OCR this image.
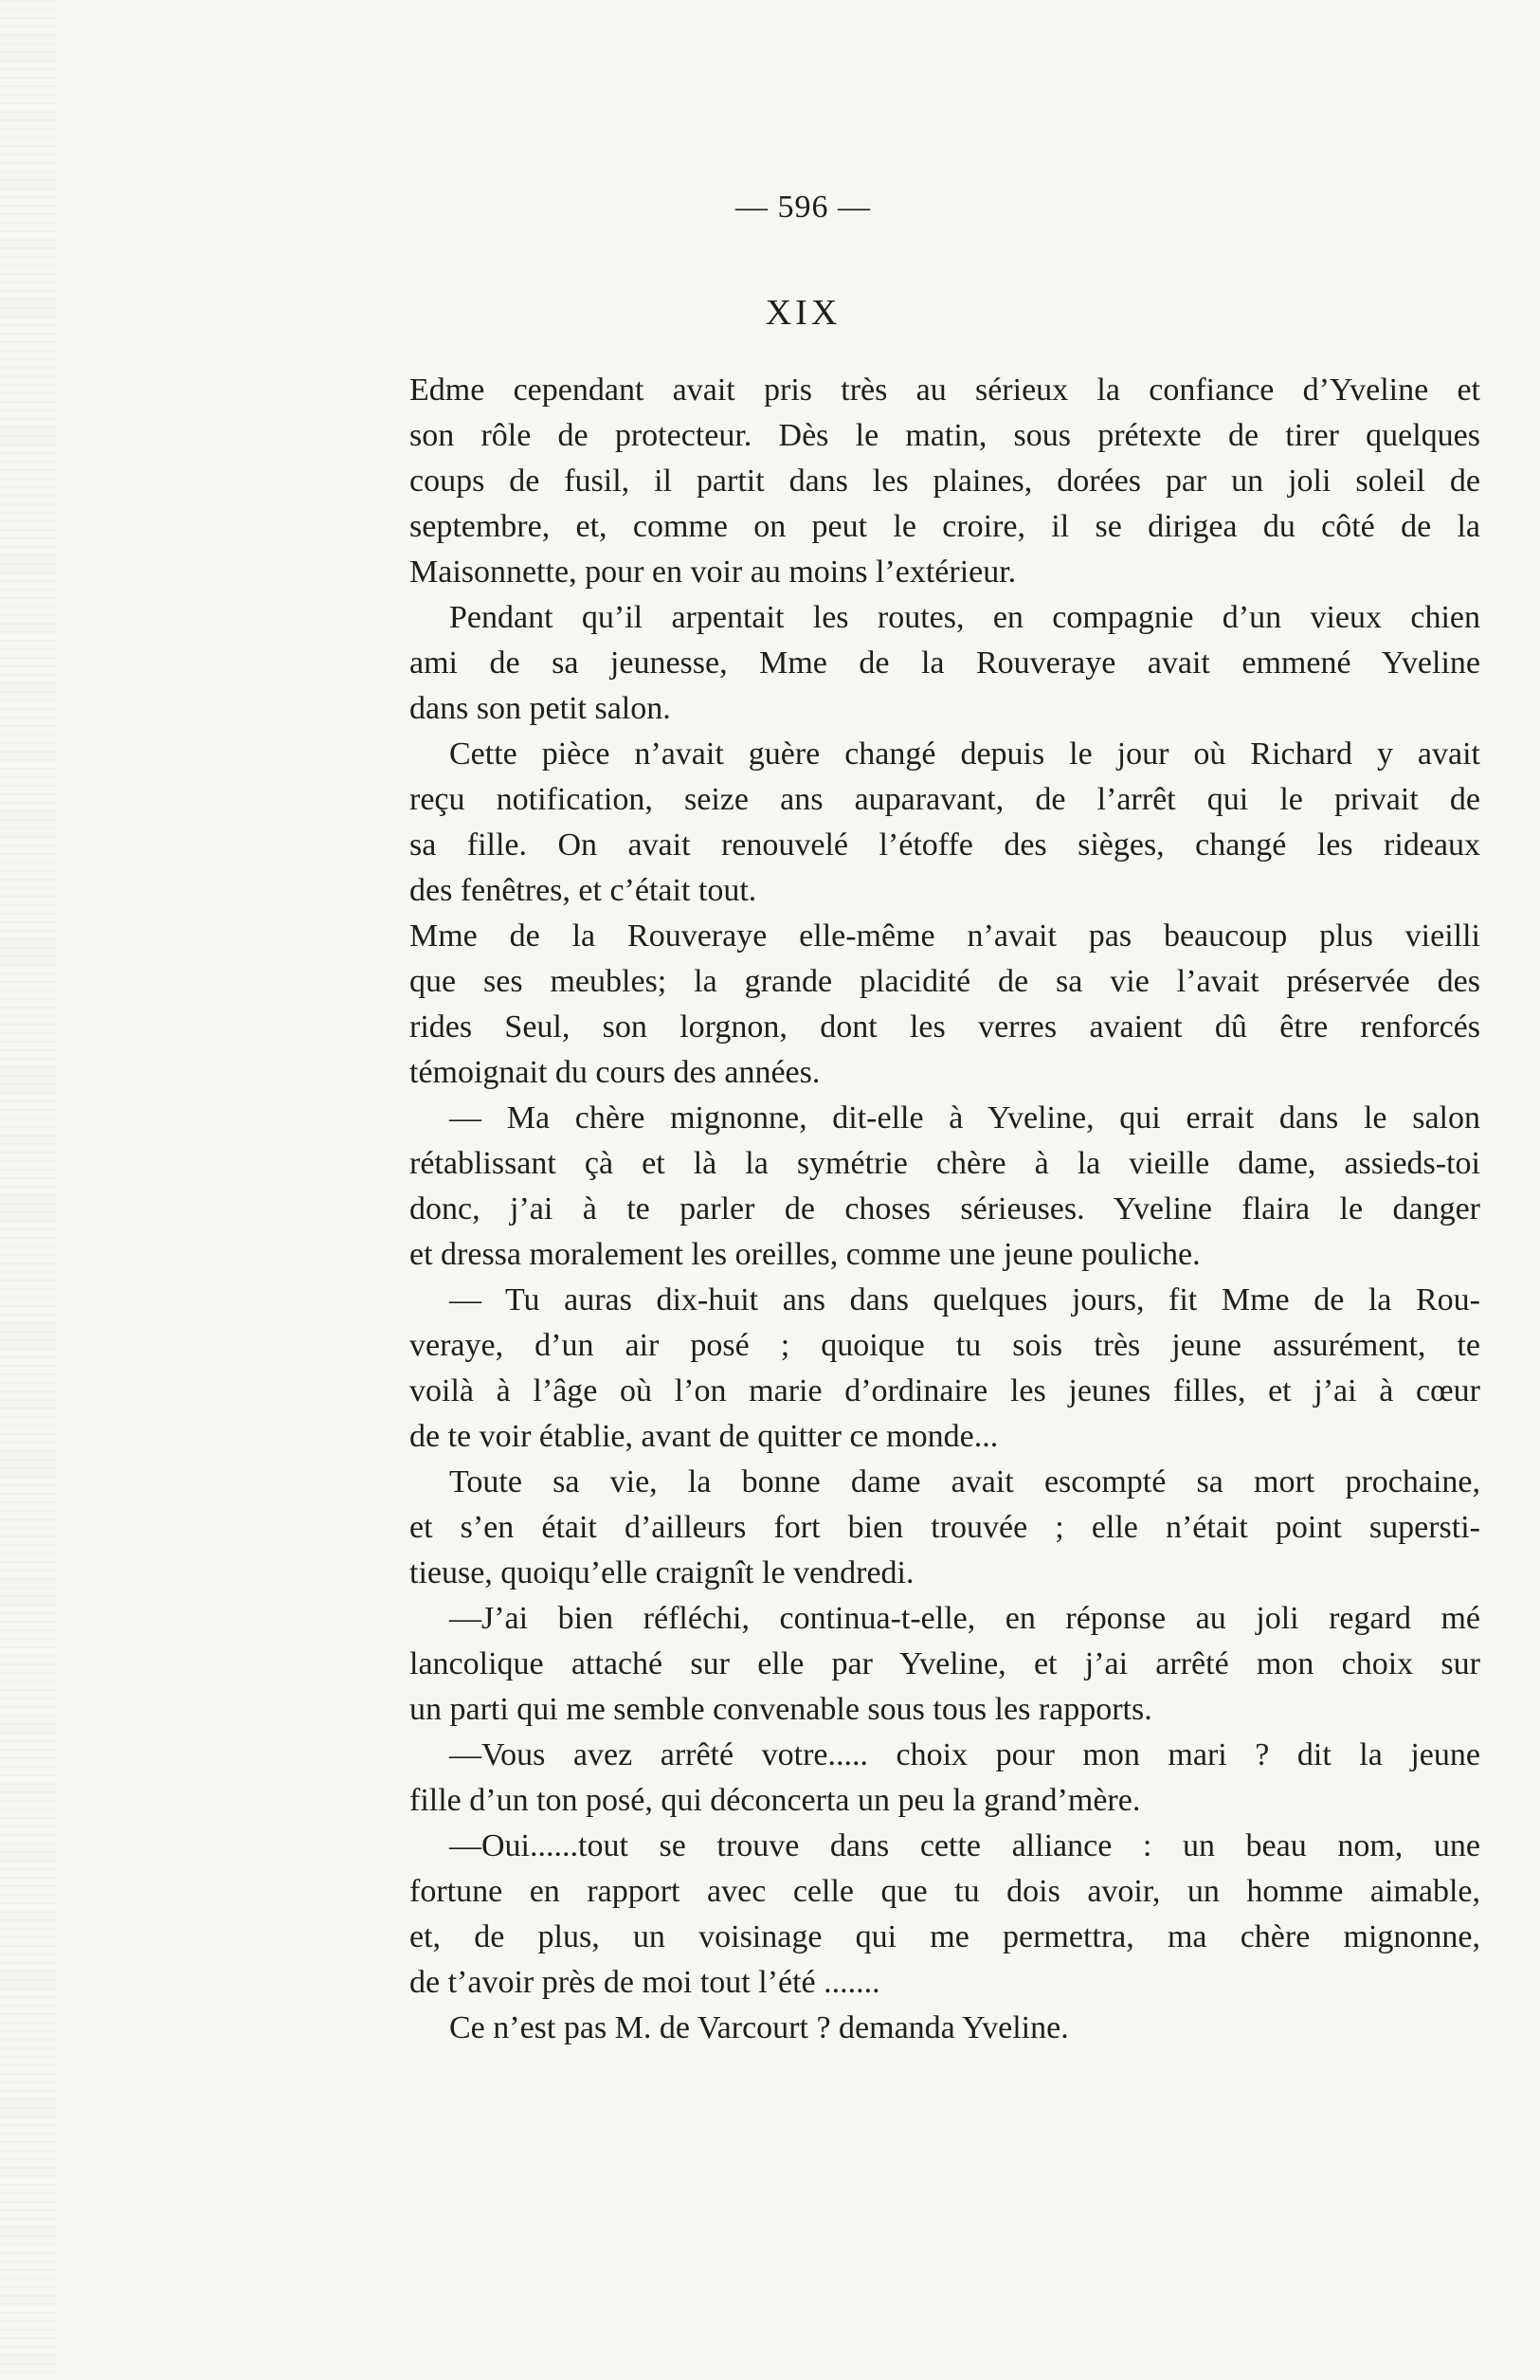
— 596 —
XIX
Edme cependant avait pris très au sérieux la confiance d’Yveline et
son rôle de protecteur. Dès le matin, sous prétexte de tirer quelques
coups de fusil, il partit dans les plaines, dorées par un joli soleil de
septembre, et, comme on peut le croire, il se dirigea du côté de la
Maisonnette, pour en voir au moins l’extérieur.
Pendant qu’il arpentait les routes, en compagnie d’un vieux chien
ami de sa jeunesse, Mme de la Rouveraye avait emmené Yveline
dans son petit salon.
Cette pièce n’avait guère changé depuis le jour où Richard y avait
reçu notification, seize ans auparavant, de l’arrêt qui le privait de
sa fille. On avait renouvelé l’étoffe des sièges, changé les rideaux
des fenêtres, et c’était tout.
Mme de la Rouveraye elle-même n’avait pas beaucoup plus vieilli
que ses meubles; la grande placidité de sa vie l’avait préservée des
rides Seul, son lorgnon, dont les verres avaient dû être renforcés
témoignait du cours des années.
— Ma chère mignonne, dit-elle à Yveline, qui errait dans le salon
rétablissant çà et là la symétrie chère à la vieille dame, assieds-toi
donc, j’ai à te parler de choses sérieuses. Yveline flaira le danger
et dressa moralement les oreilles, comme une jeune pouliche.
— Tu auras dix-huit ans dans quelques jours, fit Mme de la Rou-
veraye, d’un air posé ; quoique tu sois très jeune assurément, te
voilà à l’âge où l’on marie d’ordinaire les jeunes filles, et j’ai à cœur
de te voir établie, avant de quitter ce monde...
Toute sa vie, la bonne dame avait escompté sa mort prochaine,
et s’en était d’ailleurs fort bien trouvée ; elle n’était point supersti-
tieuse, quoiqu’elle craignît le vendredi.
—J’ai bien réfléchi, continua-t-elle, en réponse au joli regard mé
lancolique attaché sur elle par Yveline, et j’ai arrêté mon choix sur
un parti qui me semble convenable sous tous les rapports.
—Vous avez arrêté votre..... choix pour mon mari ? dit la jeune
fille d’un ton posé, qui déconcerta un peu la grand’mère.
—Oui......tout se trouve dans cette alliance : un beau nom, une
fortune en rapport avec celle que tu dois avoir, un homme aimable,
et, de plus, un voisinage qui me permettra, ma chère mignonne,
de t’avoir près de moi tout l’été .......
Ce n’est pas M. de Varcourt ? demanda Yveline.
